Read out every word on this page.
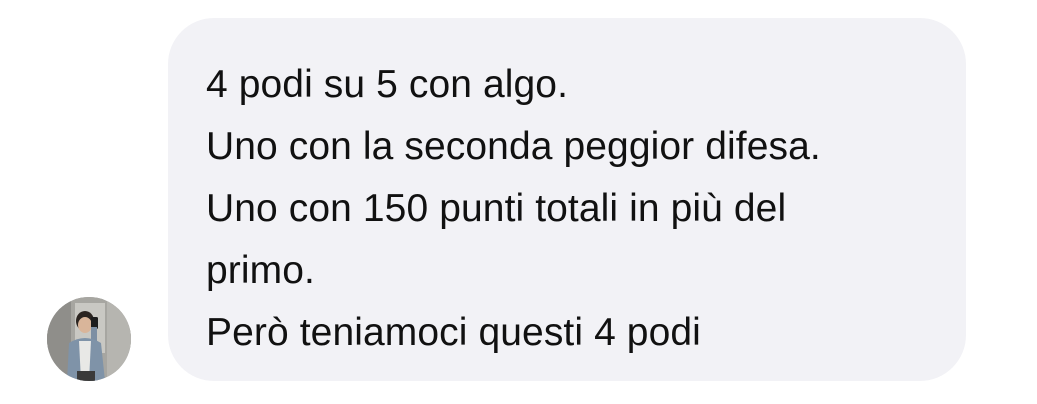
4 podi su 5 con algo.
Uno con la seconda peggior difesa.
Uno con 150 punti totali in più del
primo.
Però teniamoci questi 4 podi
